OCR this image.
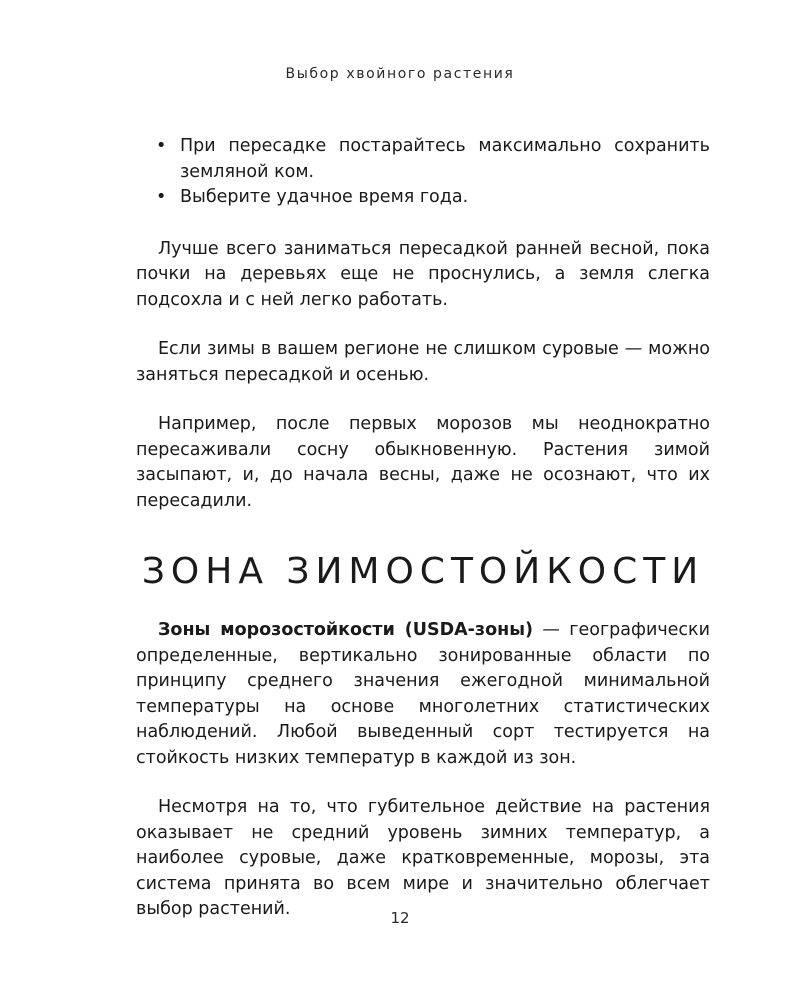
Выбор хвойного растения
• При пересадке постарайтесь максимально сохранить земляной ком.
• Выберите удачное время года.

Лучше всего заниматься пересадкой ранней весной, пока почки на деревьях еще не проснулись, а земля слегка подсохла и с ней легко работать.

Если зимы в вашем регионе не слишком суровые — можно заняться пересадкой и осенью.

Например, после первых морозов мы неоднократно пересаживали сосну обыкновенную. Растения зимой засыпают, и, до начала весны, даже не осознают, что их пересадили.

ЗОНА ЗИМОСТОЙКОСТИ

Зоны морозостойкости (USDA-зоны) — географически определенные, вертикально зонированные области по принципу среднего значения ежегодной минимальной температуры на основе многолетних статистических наблюдений. Любой выведенный сорт тестируется на стойкость низких температур в каждой из зон.

Несмотря на то, что губительное действие на растения оказывает не средний уровень зимних температур, а наиболее суровые, даже кратковременные, морозы, эта система принята во всем мире и значительно облегчает выбор растений.	12
